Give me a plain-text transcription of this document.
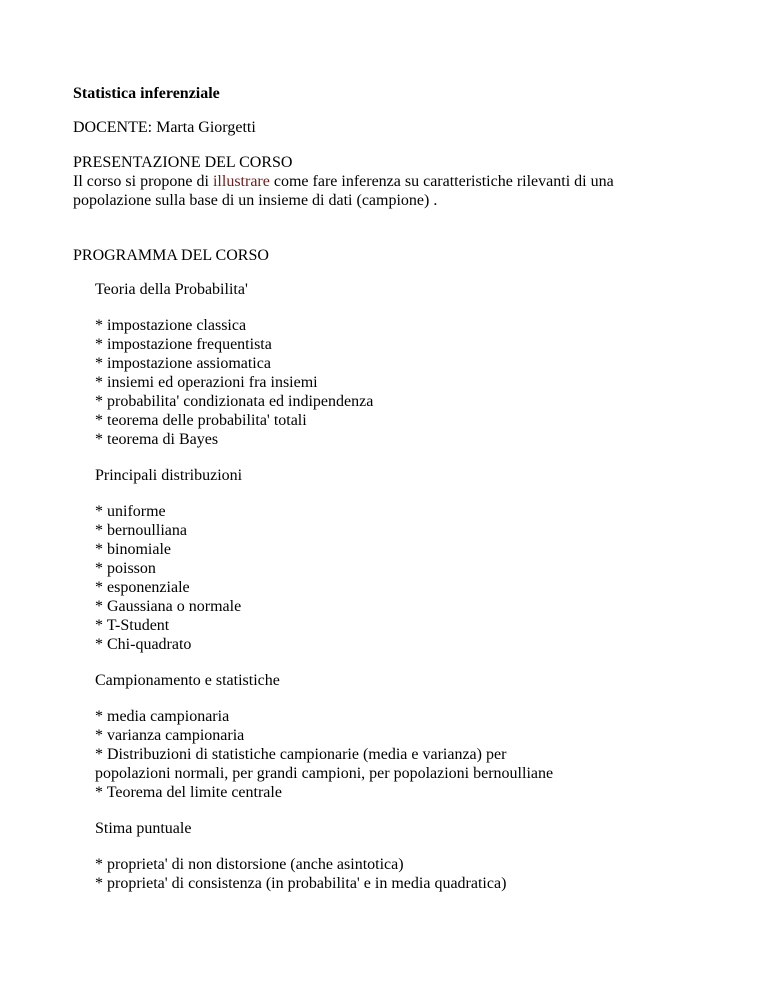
Statistica inferenziale

DOCENTE: Marta Giorgetti

PRESENTAZIONE DEL CORSO

Il corso si propone di illustrare come fare inferenza su caratteristiche rilevanti di una

popolazione sulla base di un insieme di dati (campione) .

PROGRAMMA DEL CORSO

Teoria della Probabilita'

* impostazione classica

* impostazione frequentista

* impostazione assiomatica

* insiemi ed operazioni fra insiemi

* probabilita' condizionata ed indipendenza

* teorema delle probabilita' totali

* teorema di Bayes

Principali distribuzioni

* uniforme

* bernoulliana

* binomiale

* poisson

* esponenziale

* Gaussiana o normale

* T-Student

* Chi-quadrato

Campionamento e statistiche

* media campionaria

* varianza campionaria

* Distribuzioni di statistiche campionarie (media e varianza) per

popolazioni normali, per grandi campioni, per popolazioni bernoulliane

* Teorema del limite centrale

Stima puntuale

* proprieta' di non distorsione (anche asintotica)

* proprieta' di consistenza (in probabilita' e in media quadratica)
